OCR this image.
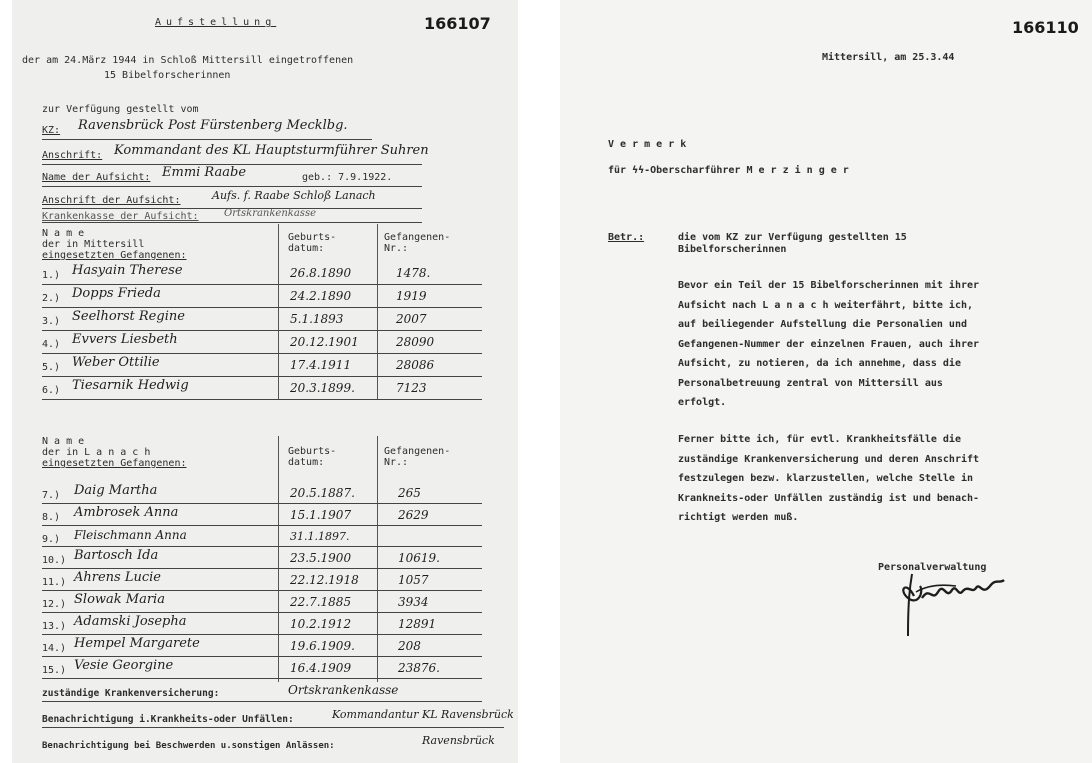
Aufstellung	166107
der am 24.März 1944 in Schloß Mittersill eingetroffenen
15 Bibelforscherinnen
zur Verfügung gestellt vom
KZ: Ravensbrück Post Fürstenberg Mecklbg.
Anschrift: Kommandant des KL Hauptsturmführer Suhren
Name der Aufsicht: Emmi Raabe	geb.: 7.9.1922.
Anschrift der Aufsicht:	Aufs. f. Raabe Schloß Lanach
Krankenkasse der Aufsicht:	Ortskrankenkasse
N a m e
der in Mittersill
eingesetzten Gefangenen:
Geburts-
datum:
Gefangenen-
Nr.:
1.) Hasyain Therese	26.8.1890	1478.
2.) Dopps Frieda	24.2.1890	1919
3.) Seelhorst Regine	5.1.1893	2007
4.) Evvers Liesbeth	20.12.1901	28090
5.) Weber Ottilie	17.4.1911	28086
6.) Tiesarnik Hedwig	20.3.1899.	7123
N a m e
der in L a n a c h
eingesetzten Gefangenen:
Geburts-
datum:
Gefangenen-
Nr.:
7.) Daig Martha	20.5.1887.	265
8.) Ambrosek Anna	15.1.1907	2629
9.) Fleischmann Anna	31.1.1897.
10.) Bartosch Ida	23.5.1900	10619.
11.) Ahrens Lucie	22.12.1918	1057
12.) Slowak Maria	22.7.1885	3934
13.) Adamski Josepha	10.2.1912	12891
14.) Hempel Margarete	19.6.1909.	208
15.) Vesie Georgine	16.4.1909	23876.
zuständige Krankenversicherung:	Ortskrankenkasse
Benachrichtigung i.Krankheits-oder Unfällen:	Kommandantur KL Ravensbrück
Benachrichtigung bei Beschwerden u.sonstigen Anlässen:	Ravensbrück
166110
Mittersill, am 25.3.44
V e r m e r k
für ϟϟ-Oberscharführer M e r z i n g e r
Betr.:	die vom KZ zur Verfügung gestellten 15
Bibelforscherinnen
Bevor ein Teil der 15 Bibelforscherinnen mit ihrer
Aufsicht nach L a n a c h weiterfährt, bitte ich,
auf beiliegender Aufstellung die Personalien und
Gefangenen-Nummer der einzelnen Frauen, auch ihrer
Aufsicht, zu notieren, da ich annehme, dass die
Personalbetreuung zentral von Mittersill aus
erfolgt.
Ferner bitte ich, für evtl. Krankheitsfälle die
zuständige Krankenversicherung und deren Anschrift
festzulegen bezw. klarzustellen, welche Stelle in
Krankneits-oder Unfällen zuständig ist und benach-
richtigt werden muß.
Personalverwaltung
